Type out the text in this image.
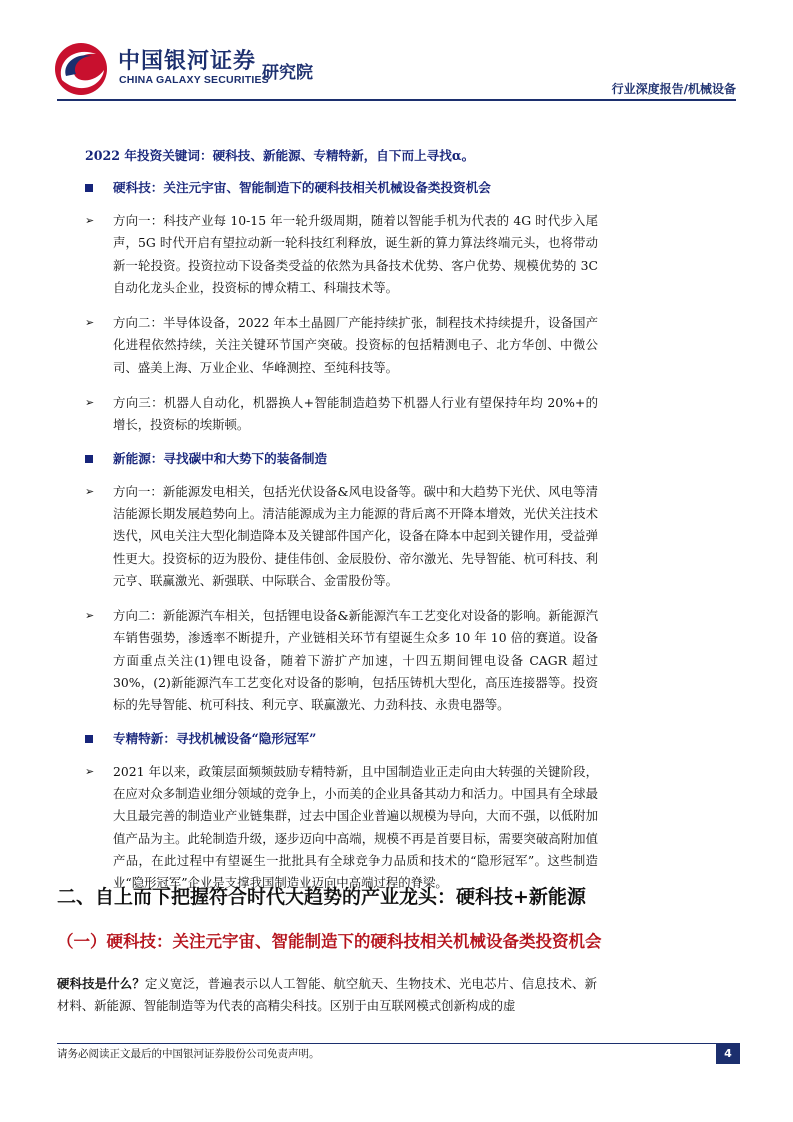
中国银河证券
CHINA GALAXY SECURITIES
研究院
行业深度报告/机械设备

2022 年投资关键词：硬科技、新能源、专精特新，自下而上寻找α。

硬科技：关注元宇宙、智能制造下的硬科技相关机械设备类投资机会

➢ 方向一：科技产业每 10-15 年一轮升级周期，随着以智能手机为代表的 4G 时代步入尾声，5G 时代开启有望拉动新一轮科技红利释放，诞生新的算力算法终端元头，也将带动新一轮投资。投资拉动下设备类受益的依然为具备技术优势、客户优势、规模优势的 3C 自动化龙头企业，投资标的博众精工、科瑞技术等。

➢ 方向二：半导体设备，2022 年本土晶圆厂产能持续扩张，制程技术持续提升，设备国产化进程依然持续，关注关键环节国产突破。投资标的包括精测电子、北方华创、中微公司、盛美上海、万业企业、华峰测控、至纯科技等。

➢ 方向三：机器人自动化，机器换人+智能制造趋势下机器人行业有望保持年均 20%+的增长，投资标的埃斯顿。

新能源：寻找碳中和大势下的装备制造

➢ 方向一：新能源发电相关，包括光伏设备&风电设备等。碳中和大趋势下光伏、风电等清洁能源长期发展趋势向上。清洁能源成为主力能源的背后离不开降本增效，光伏关注技术迭代，风电关注大型化制造降本及关键部件国产化，设备在降本中起到关键作用，受益弹性更大。投资标的迈为股份、捷佳伟创、金辰股份、帝尔激光、先导智能、杭可科技、利元亨、联赢激光、新强联、中际联合、金雷股份等。

➢ 方向二：新能源汽车相关，包括锂电设备&新能源汽车工艺变化对设备的影响。新能源汽车销售强势，渗透率不断提升，产业链相关环节有望诞生众多 10 年 10 倍的赛道。设备方面重点关注(1)锂电设备，随着下游扩产加速，十四五期间锂电设备 CAGR 超过 30%，(2)新能源汽车工艺变化对设备的影响，包括压铸机大型化，高压连接器等。投资标的先导智能、杭可科技、利元亨、联赢激光、力劲科技、永贵电器等。

专精特新：寻找机械设备“隐形冠军”

➢ 2021 年以来，政策层面频频鼓励专精特新，且中国制造业正走向由大转强的关键阶段，在应对众多制造业细分领域的竞争上，小而美的企业具备其动力和活力。中国具有全球最大且最完善的制造业产业链集群，过去中国企业普遍以规模为导向，大而不强，以低附加值产品为主。此轮制造升级，逐步迈向中高端，规模不再是首要目标，需要突破高附加值产品，在此过程中有望诞生一批批具有全球竞争力品质和技术的“隐形冠军”。这些制造业“隐形冠军”企业是支撑我国制造业迈向中高端过程的脊梁。

二、自上而下把握符合时代大趋势的产业龙头：硬科技+新能源
（一）硬科技：关注元宇宙、智能制造下的硬科技相关机械设备类投资机会

硬科技是什么？定义宽泛，普遍表示以人工智能、航空航天、生物技术、光电芯片、信息技术、新材料、新能源、智能制造等为代表的高精尖科技。区别于由互联网模式创新构成的虚

请务必阅读正文最后的中国银河证券股份公司免责声明。	4
